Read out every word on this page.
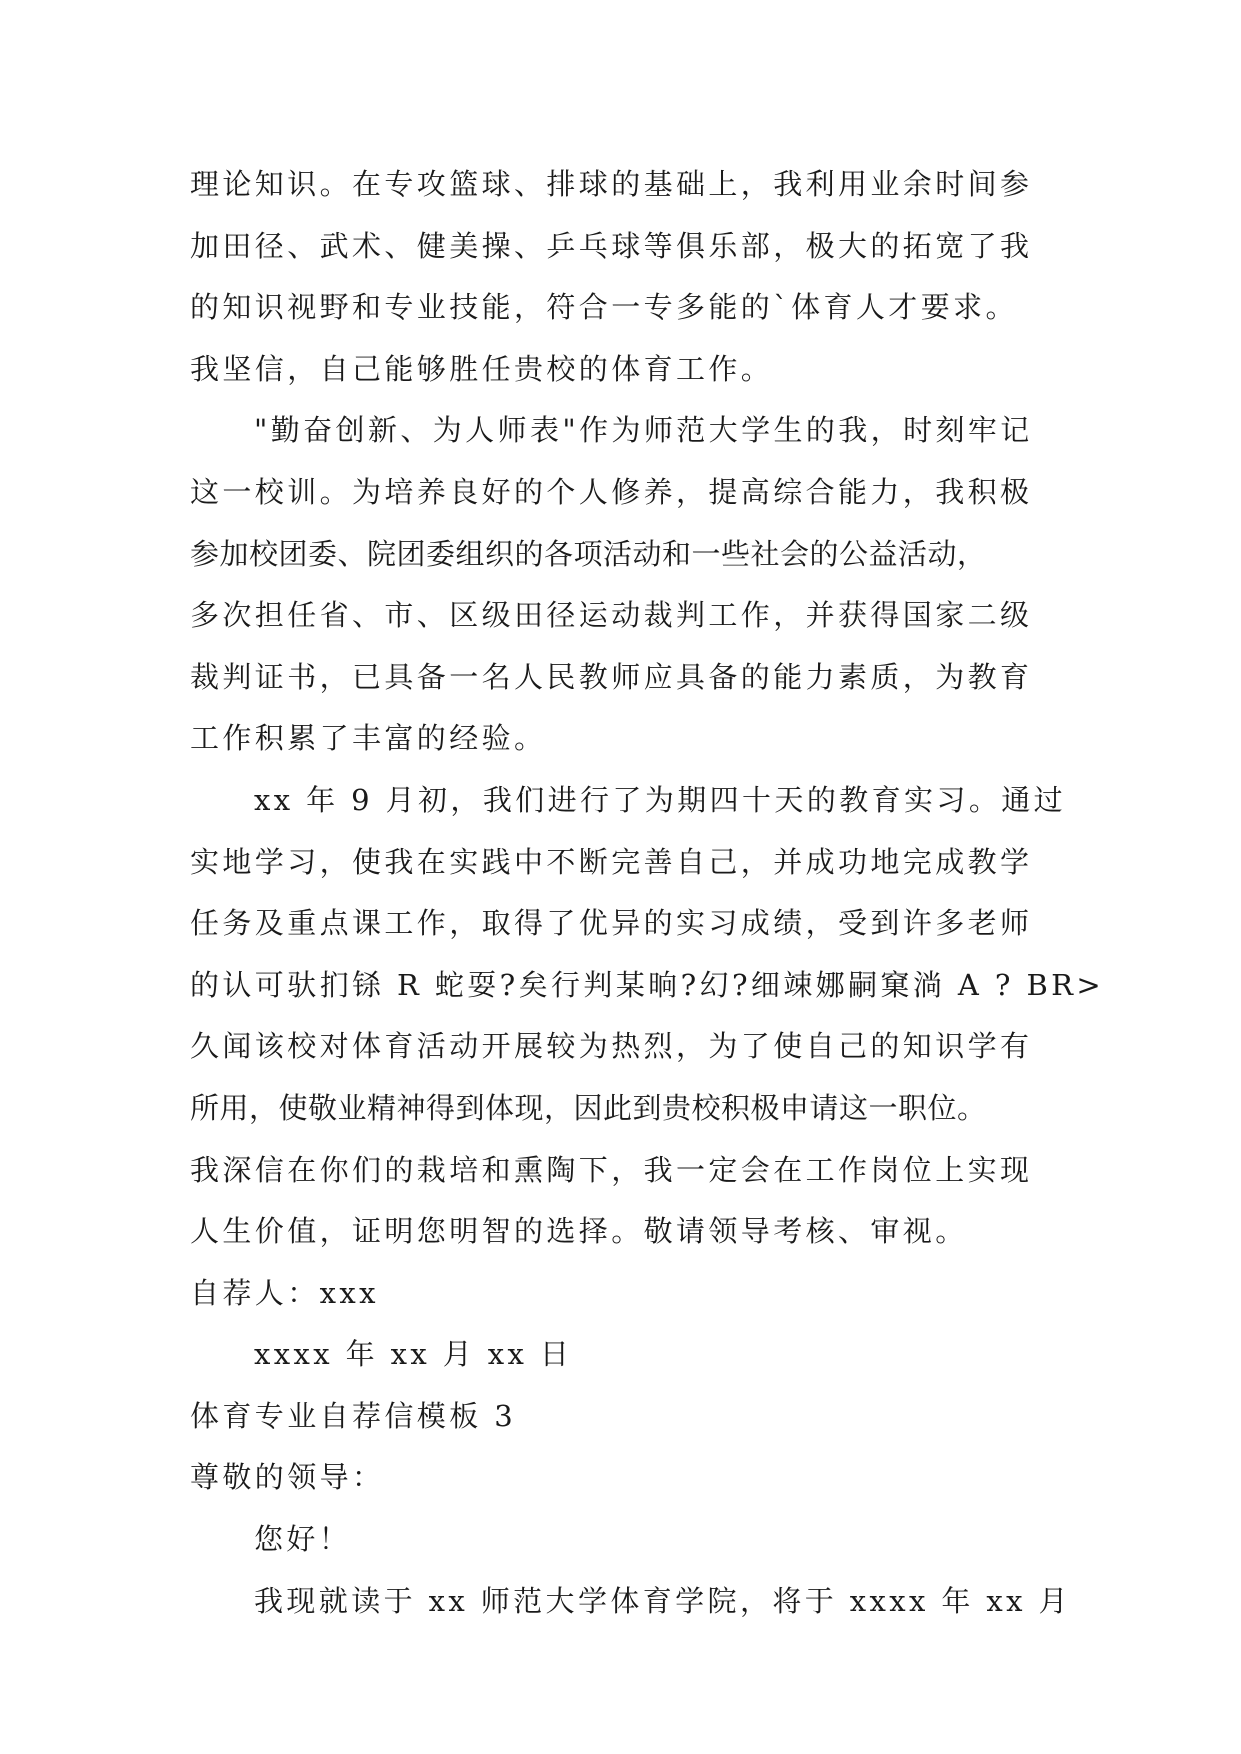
理论知识。在专攻篮球、排球的基础上，我利用业余时间参
加田径、武术、健美操、乒乓球等俱乐部，极大的拓宽了我
的知识视野和专业技能，符合一专多能的`体育人才要求。
我坚信，自己能够胜任贵校的体育工作。
"勤奋创新、为人师表"作为师范大学生的我，时刻牢记
这一校训。为培养良好的个人修养，提高综合能力，我积极
参加校团委、院团委组织的各项活动和一些社会的公益活动，
多次担任省、市、区级田径运动裁判工作，并获得国家二级
裁判证书，已具备一名人民教师应具备的能力素质，为教育
工作积累了丰富的经验。
xx 年 9 月初，我们进行了为期四十天的教育实习。通过
实地学习，使我在实践中不断完善自己，并成功地完成教学
任务及重点课工作，取得了优异的实习成绩，受到许多老师
的认可驮扪铩 R 蛇耍?矣行判某晌?幻?细竦娜嗣窠淌 A ? BR>
久闻该校对体育活动开展较为热烈，为了使自己的知识学有
所用，使敬业精神得到体现，因此到贵校积极申请这一职位。
我深信在你们的栽培和熏陶下，我一定会在工作岗位上实现
人生价值，证明您明智的选择。敬请领导考核、审视。
自荐人：xxx
xxxx 年 xx 月 xx 日
体育专业自荐信模板 3
尊敬的领导：
您好！
我现就读于 xx 师范大学体育学院，将于 xxxx 年 xx 月
